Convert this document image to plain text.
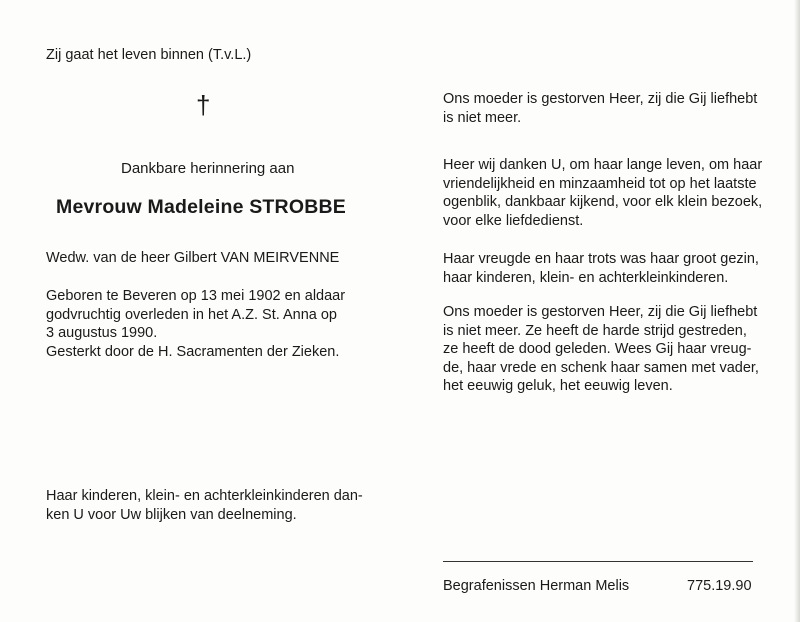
Zij gaat het leven binnen (T.v.L.)
†
Dankbare herinnering aan
Mevrouw Madeleine STROBBE
Wedw. van de heer Gilbert VAN MEIRVENNE
Geboren te Beveren op 13 mei 1902 en aldaar
godvruchtig overleden in het A.Z. St. Anna op
3 augustus 1990.
Gesterkt door de H. Sacramenten der Zieken.
Haar kinderen, klein- en achterkleinkinderen dan-
ken U voor Uw blijken van deelneming.
Ons moeder is gestorven Heer, zij die Gij liefhebt
is niet meer.
Heer wij danken U, om haar lange leven, om haar
vriendelijkheid en minzaamheid tot op het laatste
ogenblik, dankbaar kijkend, voor elk klein bezoek,
voor elke liefdedienst.
Haar vreugde en haar trots was haar groot gezin,
haar kinderen, klein- en achterkleinkinderen.
Ons moeder is gestorven Heer, zij die Gij liefhebt
is niet meer. Ze heeft de harde strijd gestreden,
ze heeft de dood geleden. Wees Gij haar vreug-
de, haar vrede en schenk haar samen met vader,
het eeuwig geluk, het eeuwig leven.
Begrafenissen Herman Melis	775.19.90
